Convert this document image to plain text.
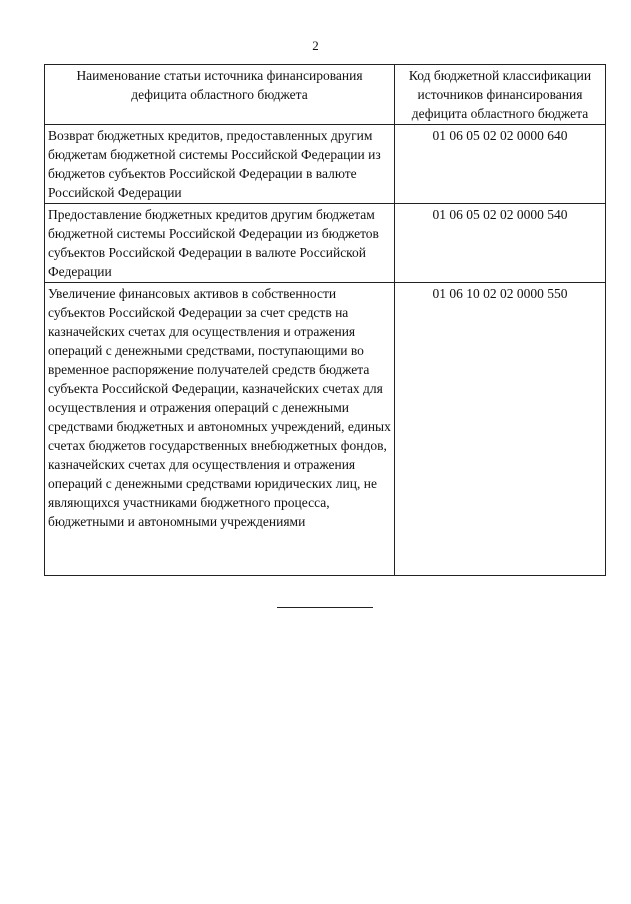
2
Наименование статьи источника финансирования дефицита областного бюджета	Код бюджетной классификации источников финансирования дефицита областного бюджета
Возврат бюджетных кредитов, предоставленных другим бюджетам бюджетной системы Российской Федерации из бюджетов субъектов Российской Федерации в валюте Российской Федерации	01 06 05 02 02 0000 640
Предоставление бюджетных кредитов другим бюджетам бюджетной системы Российской Федерации из бюджетов субъектов Российской Федерации в валюте Российской Федерации	01 06 05 02 02 0000 540
Увеличение финансовых активов в собственности субъектов Российской Федерации за счет средств на казначейских счетах для осуществления и отражения операций с денежными средствами, поступающими во временное распоряжение получателей средств бюджета субъекта Российской Федерации, казначейских счетах для осуществления и отражения операций с денежными средствами бюджетных и автономных учреждений, единых счетах бюджетов государственных внебюджетных фондов, казначейских счетах для осуществления и отражения операций с денежными средствами юридических лиц, не являющихся участниками бюджетного процесса, бюджетными и автономными учреждениями	01 06 10 02 02 0000 550
